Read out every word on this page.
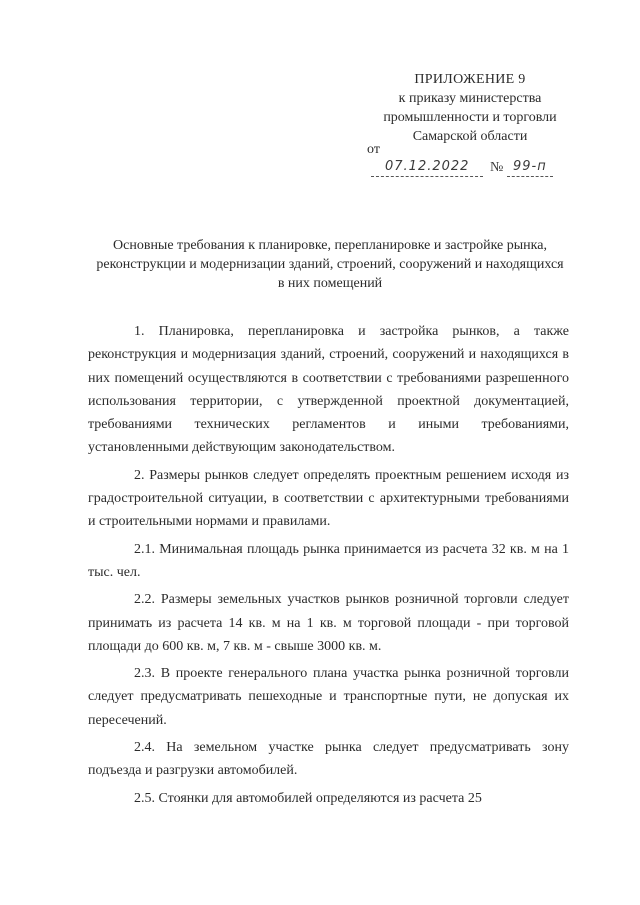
ПРИЛОЖЕНИЕ 9
к приказу министерства
промышленности и торговли
Самарской области
от
07.12.2022 № 99-п
Основные требования к планировке, перепланировке и застройке рынка, реконструкции и модернизации зданий, строений, сооружений и находящихся в них помещений

1. Планировка, перепланировка и застройка рынков, а также реконструкция и модернизация зданий, строений, сооружений и находящихся в них помещений осуществляются в соответствии с требованиями разрешенного использования территории, с утвержденной проектной документацией, требованиями технических регламентов и иными требованиями, установленными действующим законодательством.

2. Размеры рынков следует определять проектным решением исходя из градостроительной ситуации, в соответствии с архитектурными требованиями и строительными нормами и правилами.

2.1. Минимальная площадь рынка принимается из расчета 32 кв. м на 1 тыс. чел.

2.2. Размеры земельных участков рынков розничной торговли следует принимать из расчета 14 кв. м на 1 кв. м торговой площади - при торговой площади до 600 кв. м, 7 кв. м - свыше 3000 кв. м.

2.3. В проекте генерального плана участка рынка розничной торговли следует предусматривать пешеходные и транспортные пути, не допуская их пересечений.

2.4. На земельном участке рынка следует предусматривать зону подъезда и разгрузки автомобилей.

2.5. Стоянки для автомобилей определяются из расчета 25
